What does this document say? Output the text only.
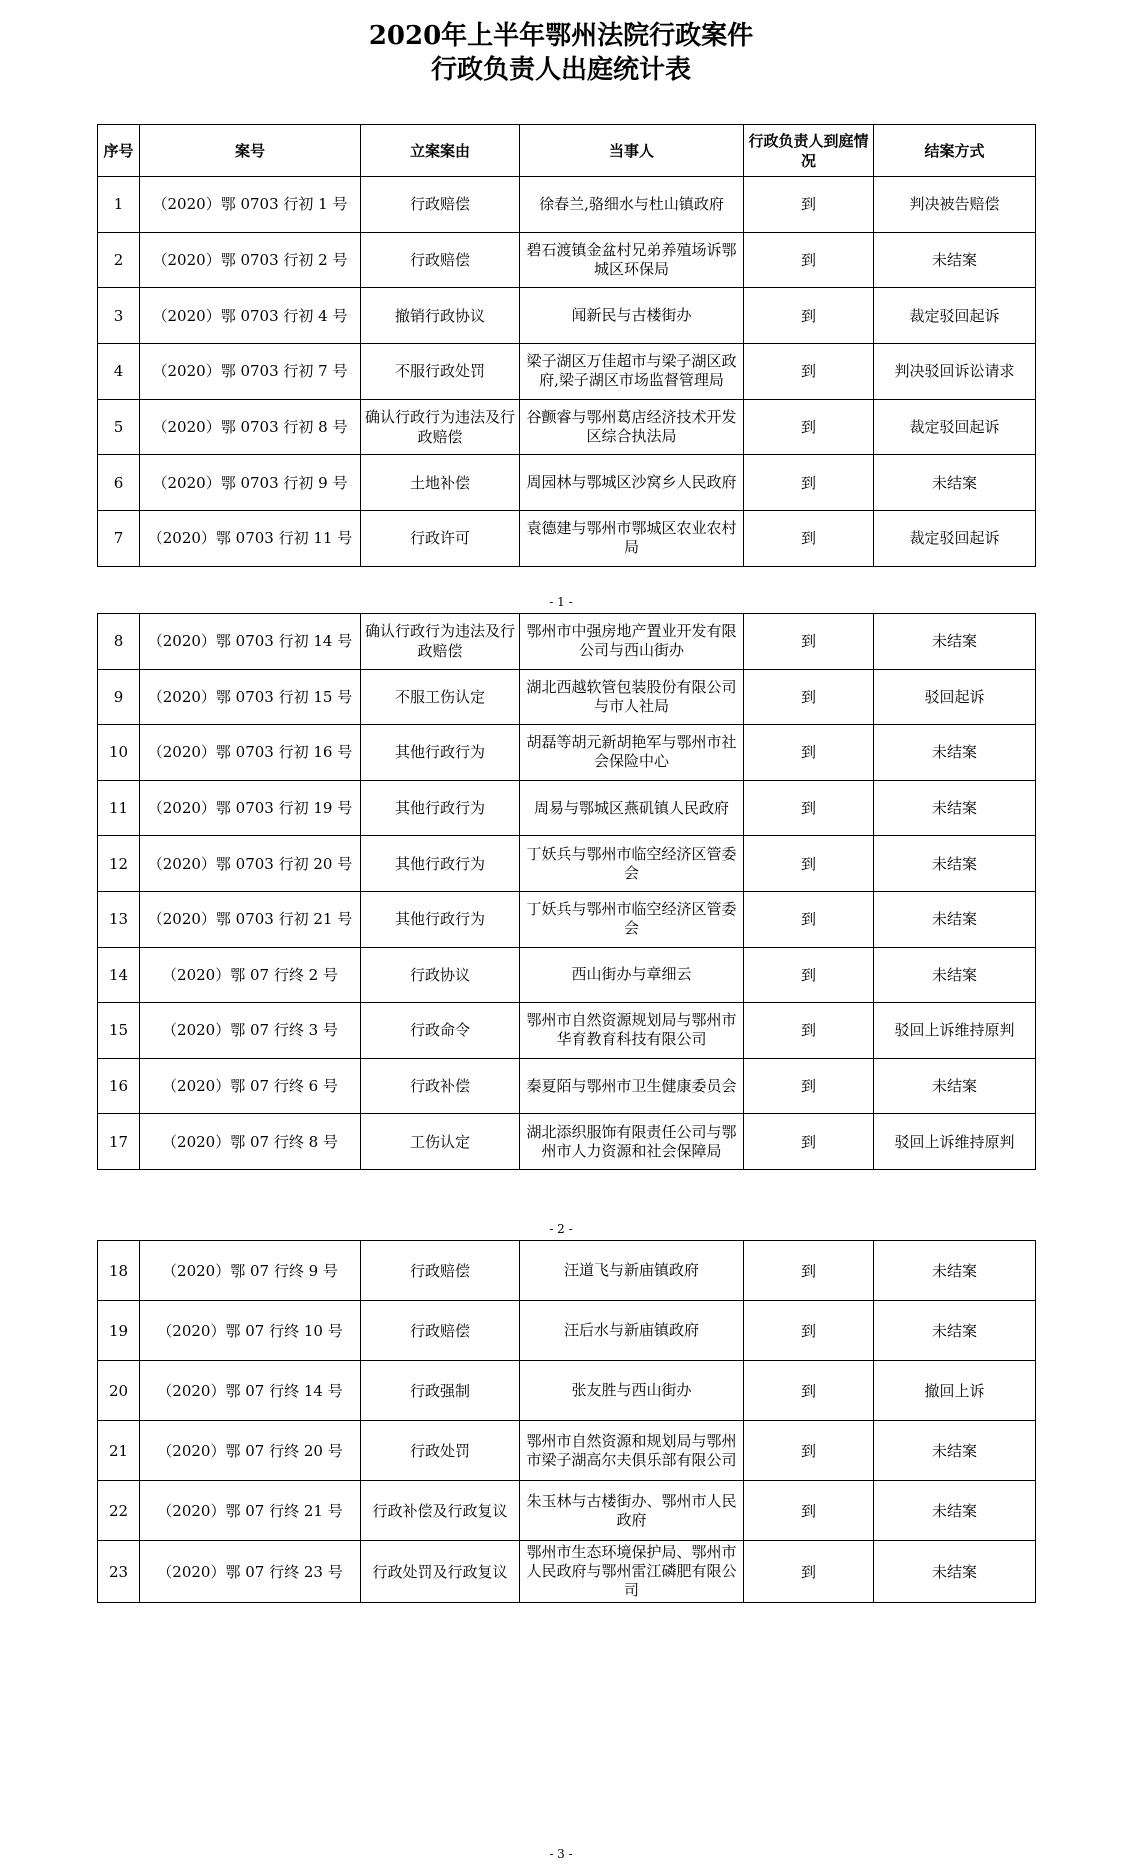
2020年上半年鄂州法院行政案件
行政负责人出庭统计表
序号	案号	立案案由	当事人	行政负责人到庭情况	结案方式
1	（2020）鄂 0703 行初 1 号	行政赔偿	徐春兰,骆细水与杜山镇政府	到	判决被告赔偿
2	（2020）鄂 0703 行初 2 号	行政赔偿	碧石渡镇金盆村兄弟养殖场诉鄂城区环保局	到	未结案
3	（2020）鄂 0703 行初 4 号	撤销行政协议	闻新民与古楼街办	到	裁定驳回起诉
4	（2020）鄂 0703 行初 7 号	不服行政处罚	梁子湖区万佳超市与梁子湖区政府,梁子湖区市场监督管理局	到	判决驳回诉讼请求
5	（2020）鄂 0703 行初 8 号	确认行政行为违法及行政赔偿	谷颤睿与鄂州葛店经济技术开发区综合执法局	到	裁定驳回起诉
6	（2020）鄂 0703 行初 9 号	土地补偿	周园林与鄂城区沙窝乡人民政府	到	未结案
7	（2020）鄂 0703 行初 11 号	行政许可	袁德建与鄂州市鄂城区农业农村局	到	裁定驳回起诉
- 1 -
8	（2020）鄂 0703 行初 14 号	确认行政行为违法及行政赔偿	鄂州市中强房地产置业开发有限公司与西山街办	到	未结案
9	（2020）鄂 0703 行初 15 号	不服工伤认定	湖北西越软管包装股份有限公司与市人社局	到	驳回起诉
10	（2020）鄂 0703 行初 16 号	其他行政行为	胡磊等胡元新胡艳军与鄂州市社会保险中心	到	未结案
11	（2020）鄂 0703 行初 19 号	其他行政行为	周易与鄂城区燕矶镇人民政府	到	未结案
12	（2020）鄂 0703 行初 20 号	其他行政行为	丁妖兵与鄂州市临空经济区管委会	到	未结案
13	（2020）鄂 0703 行初 21 号	其他行政行为	丁妖兵与鄂州市临空经济区管委会	到	未结案
14	（2020）鄂 07 行终 2 号	行政协议	西山街办与章细云	到	未结案
15	（2020）鄂 07 行终 3 号	行政命令	鄂州市自然资源规划局与鄂州市华育教育科技有限公司	到	驳回上诉维持原判
16	（2020）鄂 07 行终 6 号	行政补偿	秦夏陌与鄂州市卫生健康委员会	到	未结案
17	（2020）鄂 07 行终 8 号	工伤认定	湖北添织服饰有限责任公司与鄂州市人力资源和社会保障局	到	驳回上诉维持原判
- 2 -
18	（2020）鄂 07 行终 9 号	行政赔偿	汪道飞与新庙镇政府	到	未结案
19	（2020）鄂 07 行终 10 号	行政赔偿	汪后水与新庙镇政府	到	未结案
20	（2020）鄂 07 行终 14 号	行政强制	张友胜与西山街办	到	撤回上诉
21	（2020）鄂 07 行终 20 号	行政处罚	鄂州市自然资源和规划局与鄂州市梁子湖高尔夫俱乐部有限公司	到	未结案
22	（2020）鄂 07 行终 21 号	行政补偿及行政复议	朱玉林与古楼街办、鄂州市人民政府	到	未结案
23	（2020）鄂 07 行终 23 号	行政处罚及行政复议	鄂州市生态环境保护局、鄂州市人民政府与鄂州雷江磷肥有限公司	到	未结案
- 3 -
